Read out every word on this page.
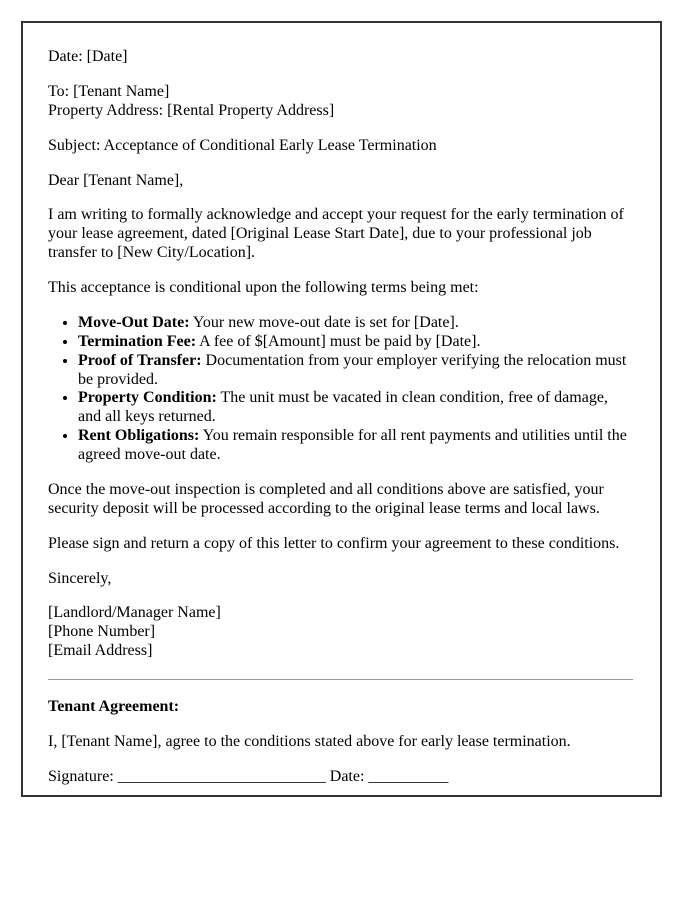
Date: [Date]

To: [Tenant Name]
Property Address: [Rental Property Address]

Subject: Acceptance of Conditional Early Lease Termination

Dear [Tenant Name],

I am writing to formally acknowledge and accept your request for the early termination of your lease agreement, dated [Original Lease Start Date], due to your professional job transfer to [New City/Location].

This acceptance is conditional upon the following terms being met:

• Move-Out Date: Your new move-out date is set for [Date].
• Termination Fee: A fee of $[Amount] must be paid by [Date].
• Proof of Transfer: Documentation from your employer verifying the relocation must be provided.
• Property Condition: The unit must be vacated in clean condition, free of damage, and all keys returned.
• Rent Obligations: You remain responsible for all rent payments and utilities until the agreed move-out date.

Once the move-out inspection is completed and all conditions above are satisfied, your security deposit will be processed according to the original lease terms and local laws.

Please sign and return a copy of this letter to confirm your agreement to these conditions.

Sincerely,

[Landlord/Manager Name]
[Phone Number]
[Email Address]

Tenant Agreement:

I, [Tenant Name], agree to the conditions stated above for early lease termination.

Signature: __________________________ Date: __________
